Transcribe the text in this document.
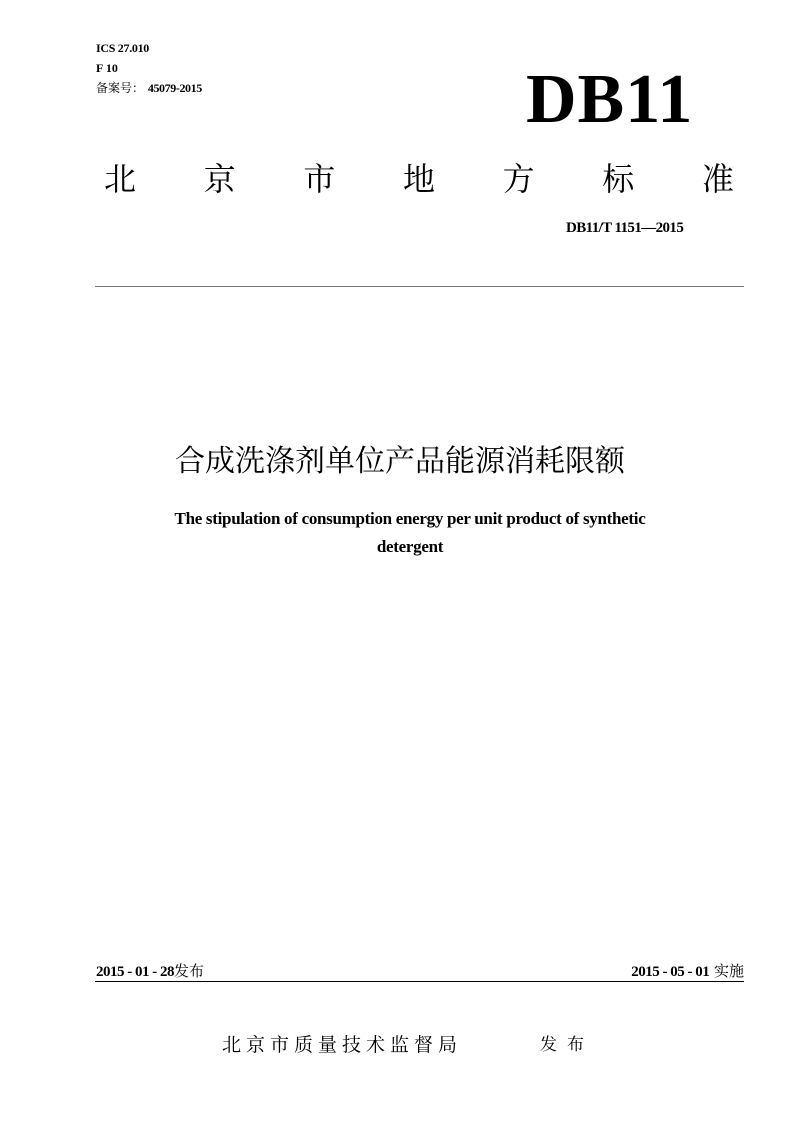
ICS 27.010
F 10
备案号： 45079-2015	DB11
北 京 市 地 方 标 准
DB11/T 1151—2015
合成洗涤剂单位产品能源消耗限额
The stipulation of consumption energy per unit product of synthetic
detergent
2015 - 01 - 28发布	2015 - 05 - 01 实施
北京市质量技术监督局	发布
